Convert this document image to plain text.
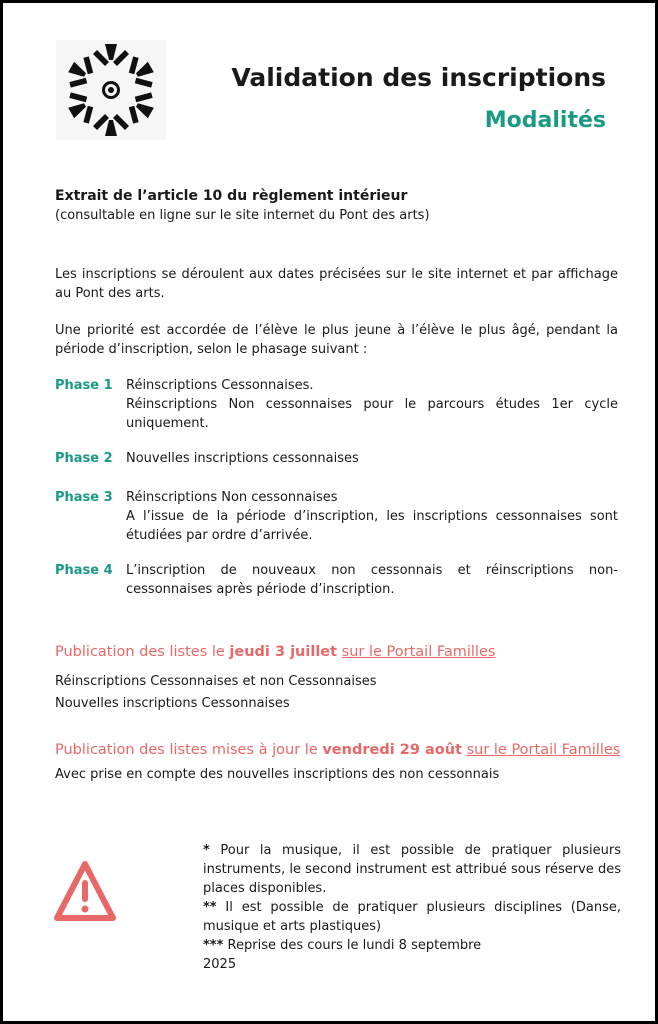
Validation des inscriptions
Modalités
Extrait de l’article 10 du règlement intérieur
(consultable en ligne sur le site internet du Pont des arts)
Les inscriptions se déroulent aux dates précisées sur le site internet et par affichage au Pont des arts.
Une priorité est accordée de l’élève le plus jeune à l’élève le plus âgé, pendant la période d’inscription, selon le phasage suivant :
Phase 1 Réinscriptions Cessonnaises.
Réinscriptions Non cessonnaises pour le parcours études 1er cycle uniquement.
Phase 2 Nouvelles inscriptions cessonnaises
Phase 3 Réinscriptions Non cessonnaises
A l’issue de la période d’inscription, les inscriptions cessonnaises sont étudiées par ordre d’arrivée.
Phase 4 L’inscription de nouveaux non cessonnais et réinscriptions non-cessonnaises après période d’inscription.
Publication des listes le jeudi 3 juillet sur le Portail Familles
Réinscriptions Cessonnaises et non Cessonnaises
Nouvelles inscriptions Cessonnaises
Publication des listes mises à jour le vendredi 29 août sur le Portail Familles
Avec prise en compte des nouvelles inscriptions des non cessonnais

* Pour la musique, il est possible de pratiquer plusieurs instruments, le second instrument est attribué sous réserve des places disponibles.

** Il est possible de pratiquer plusieurs disciplines (Danse, musique et arts plastiques)

*** Reprise des cours le lundi 8 septembre 2025
